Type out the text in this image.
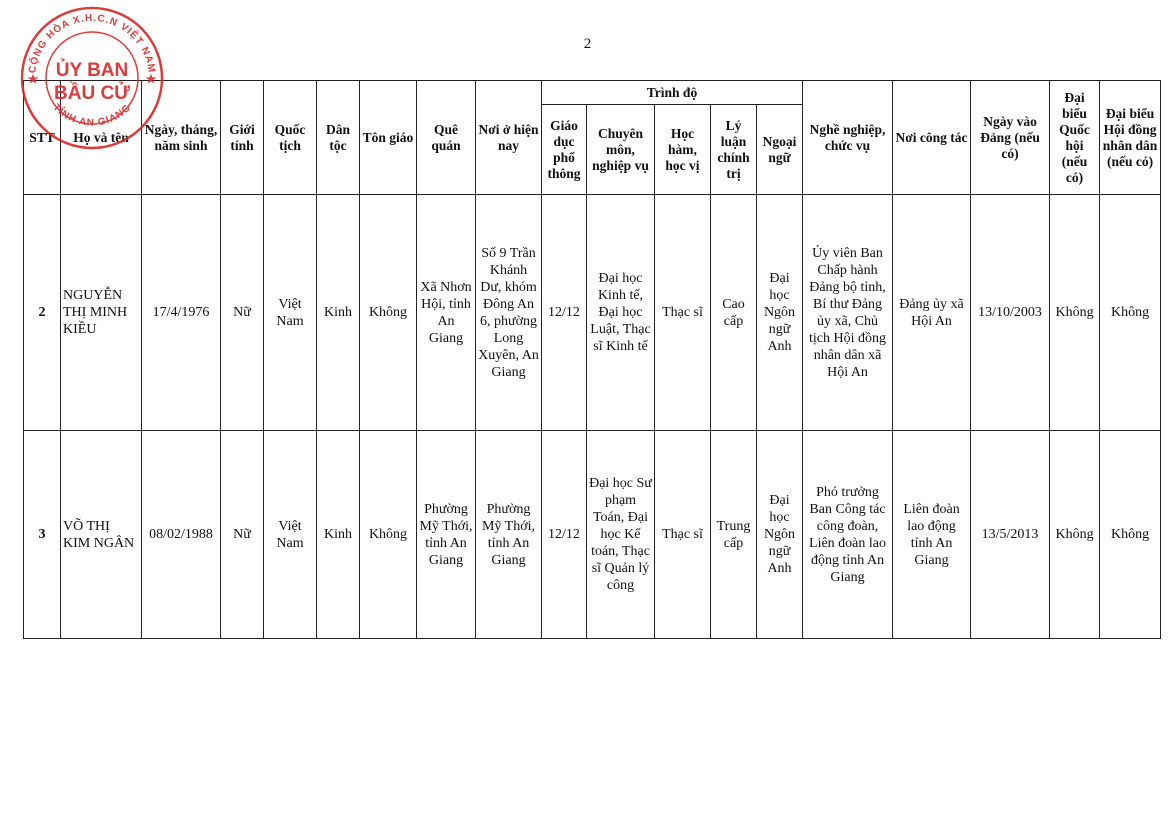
2
STT	Họ và tên	Ngày, tháng, năm sinh	Giới tính	Quốc tịch	Dân tộc	Tôn giáo	Quê quán	Nơi ở hiện nay	Trình độ					Nghề nghiệp, chức vụ	Nơi công tác	Ngày vào Đảng (nếu có)	Đại biểu Quốc hội (nếu có)	Đại biểu Hội đồng nhân dân (nếu có)
									Giáo dục phổ thông	Chuyên môn, nghiệp vụ	Học hàm, học vị	Lý luận chính trị	Ngoại ngữ					
2	NGUYỄN THỊ MINH KIỀU	17/4/1976	Nữ	Việt Nam	Kinh	Không	Xã Nhơn Hội, tỉnh An Giang	Số 9 Trần Khánh Dư, khóm Đông An 6, phường Long Xuyên, An Giang	12/12	Đại học Kinh tế, Đại học Luật, Thạc sĩ Kinh tế	Thạc sĩ	Cao cấp	Đại học Ngôn ngữ Anh	Ủy viên Ban Chấp hành Đảng bộ tỉnh, Bí thư Đảng ủy xã, Chủ tịch Hội đồng nhân dân xã Hội An	Đảng ủy xã Hội An	13/10/2003	Không	Không
3	VÕ THỊ KIM NGÂN	08/02/1988	Nữ	Việt Nam	Kinh	Không	Phường Mỹ Thới, tỉnh An Giang	Phường Mỹ Thới, tỉnh An Giang	12/12	Đại học Sư phạm Toán, Đại học Kế toán, Thạc sĩ Quản lý công	Thạc sĩ	Trung cấp	Đại học Ngôn ngữ Anh	Phó trưởng Ban Công tác công đoàn, Liên đoàn lao động tỉnh An Giang	Liên đoàn lao động tỉnh An Giang	13/5/2013	Không	Không
CỘNG HÒA X.H.C.N VIỆT NAM
TỈNH AN GIANG
ỦY BAN
BẦU CỬ
★	★
